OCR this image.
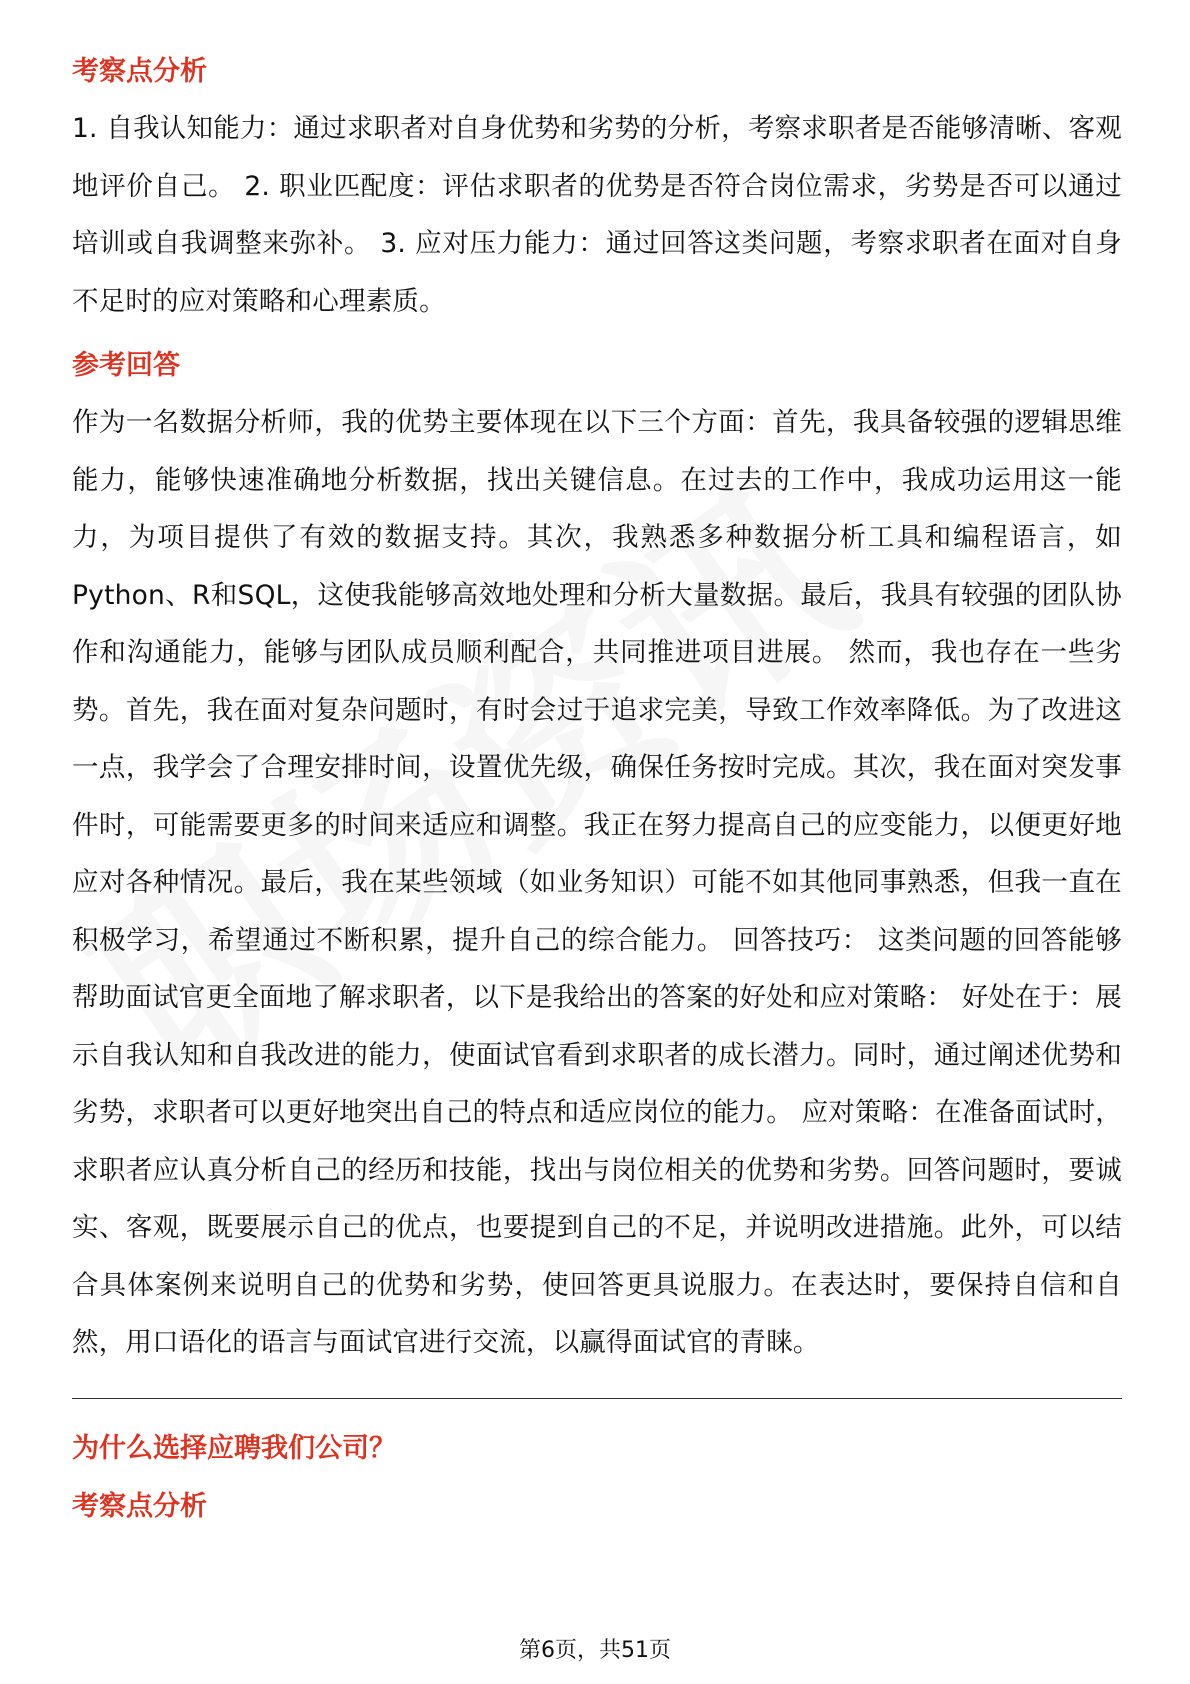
考察点分析

1. 自我认知能力：通过求职者对自身优势和劣势的分析，考察求职者是否能够清晰、客观地评价自己。 2. 职业匹配度：评估求职者的优势是否符合岗位需求，劣势是否可以通过培训或自我调整来弥补。 3. 应对压力能力：通过回答这类问题，考察求职者在面对自身不足时的应对策略和心理素质。

参考回答

作为一名数据分析师，我的优势主要体现在以下三个方面：首先，我具备较强的逻辑思维能力，能够快速准确地分析数据，找出关键信息。在过去的工作中，我成功运用这一能力，为项目提供了有效的数据支持。其次，我熟悉多种数据分析工具和编程语言，如Python、R和SQL，这使我能够高效地处理和分析大量数据。最后，我具有较强的团队协作和沟通能力，能够与团队成员顺利配合，共同推进项目进展。 然而，我也存在一些劣势。首先，我在面对复杂问题时，有时会过于追求完美，导致工作效率降低。为了改进这一点，我学会了合理安排时间，设置优先级，确保任务按时完成。其次，我在面对突发事件时，可能需要更多的时间来适应和调整。我正在努力提高自己的应变能力，以便更好地应对各种情况。最后，我在某些领域（如业务知识）可能不如其他同事熟悉，但我一直在积极学习，希望通过不断积累，提升自己的综合能力。 回答技巧： 这类问题的回答能够帮助面试官更全面地了解求职者，以下是我给出的答案的好处和应对策略： 好处在于：展示自我认知和自我改进的能力，使面试官看到求职者的成长潜力。同时，通过阐述优势和劣势，求职者可以更好地突出自己的特点和适应岗位的能力。 应对策略：在准备面试时，求职者应认真分析自己的经历和技能，找出与岗位相关的优势和劣势。回答问题时，要诚实、客观，既要展示自己的优点，也要提到自己的不足，并说明改进措施。此外，可以结合具体案例来说明自己的优势和劣势，使回答更具说服力。在表达时，要保持自信和自然，用口语化的语言与面试官进行交流，以赢得面试官的青睐。

为什么选择应聘我们公司？
考察点分析
第6页，共51页
